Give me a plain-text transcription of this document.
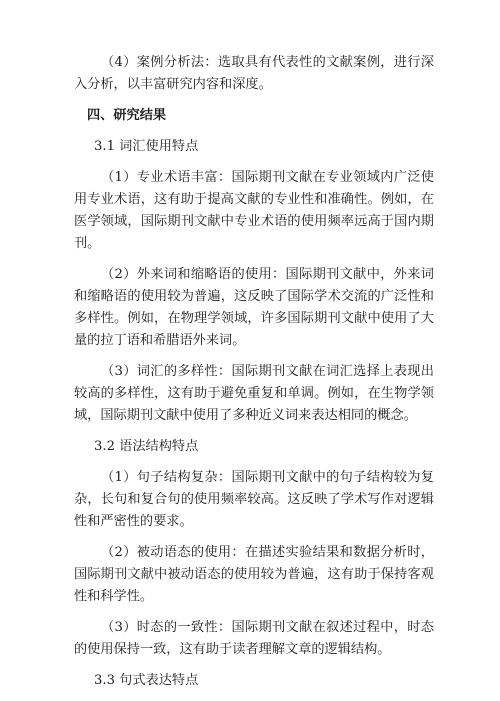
（4）案例分析法：选取具有代表性的文献案例，进行深入分析，以丰富研究内容和深度。

四、研究结果

3.1 词汇使用特点

（1）专业术语丰富：国际期刊文献在专业领域内广泛使用专业术语，这有助于提高文献的专业性和准确性。例如，在医学领域，国际期刊文献中专业术语的使用频率远高于国内期刊。

（2）外来词和缩略语的使用：国际期刊文献中，外来词和缩略语的使用较为普遍，这反映了国际学术交流的广泛性和多样性。例如，在物理学领域，许多国际期刊文献中使用了大量的拉丁语和希腊语外来词。

（3）词汇的多样性：国际期刊文献在词汇选择上表现出较高的多样性，这有助于避免重复和单调。例如，在生物学领域，国际期刊文献中使用了多种近义词来表达相同的概念。

3.2 语法结构特点

（1）句子结构复杂：国际期刊文献中的句子结构较为复杂，长句和复合句的使用频率较高。这反映了学术写作对逻辑性和严密性的要求。

（2）被动语态的使用：在描述实验结果和数据分析时，国际期刊文献中被动语态的使用较为普遍，这有助于保持客观性和科学性。

（3）时态的一致性：国际期刊文献在叙述过程中，时态的使用保持一致，这有助于读者理解文章的逻辑结构。

3.3 句式表达特点
